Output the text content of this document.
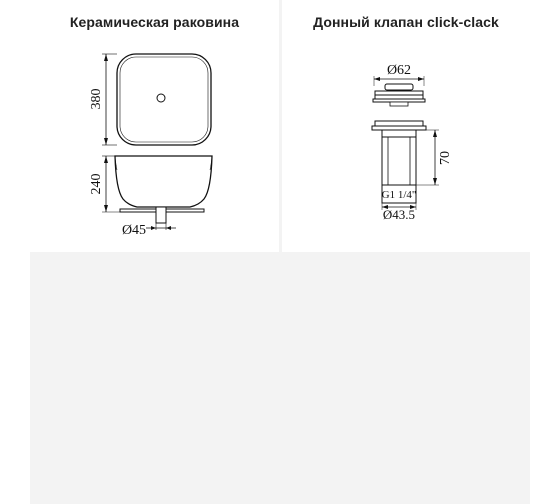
Керамическая раковина
380
240
Ø45
Донный клапан click-clack
Ø62
G1 1/4"
70
Ø43.5
